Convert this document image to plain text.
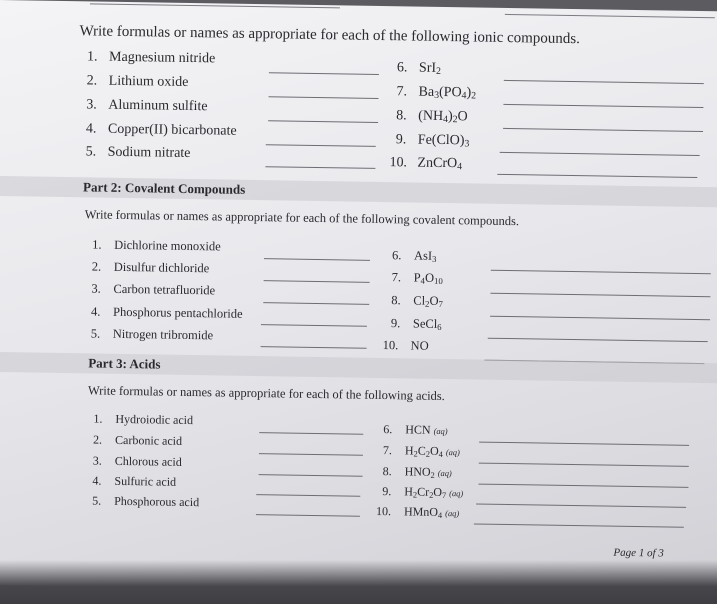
Write formulas or names as appropriate for each of the following ionic compounds.
1. Magnesium nitride
2. Lithium oxide
3. Aluminum sulfite
4. Copper(II) bicarbonate
5. Sodium nitrate
6. SrI$_2$
7. $Ba_3(PO_4)_2$
8. $(NH_4)_2O$
9. $Fe(ClO)_3$
10. ZnCrO$_4$
Part 2: Covalent Compounds
Write formulas or names as appropriate for each of the following covalent compounds.
1. Dichlorine monoxide
2. Disulfur dichloride
3. Carbon tetrafluoride
4. Phosphorus pentachloride
5. Nitrogen tribromide
6. AsI$_3$
7. $P_4O_{10}$
8. $Cl_2O_7$
9. SeCl$_6$
10. NO
Part 3: Acids
Write formulas or names as appropriate for each of the following acids.
1. Hydroiodic acid
2. Carbonic acid
3. Chlorous acid
4. Sulfuric acid
5. Phosphorous acid
6. HCN (aq)
7. $H_2C_2O_4$ (aq)
8. $HNO_2$ (aq)
9. $H_2Cr_2O_7$ (aq)
10. HMnO$_4$ (aq)
Page 1 of 3
